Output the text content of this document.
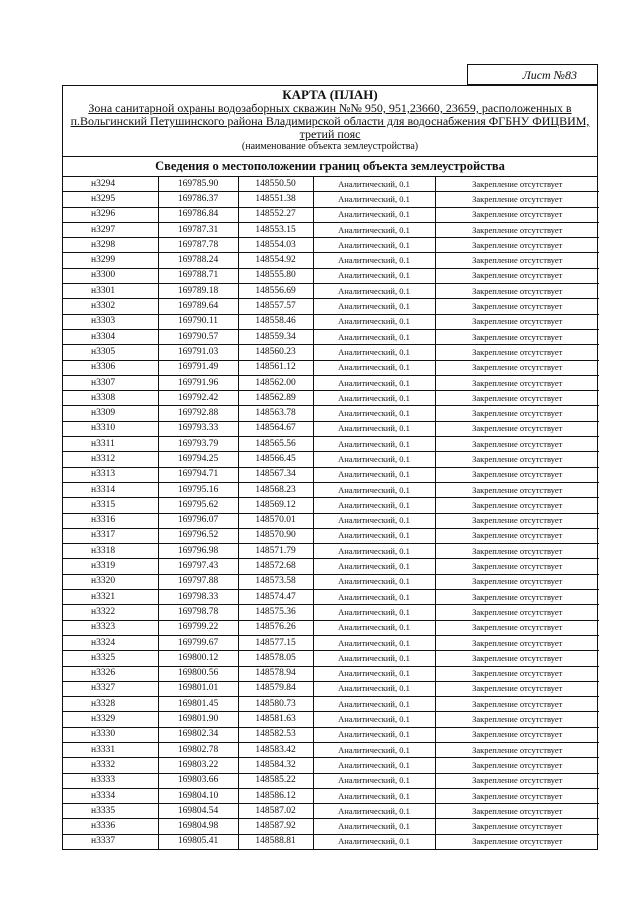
Лист №83
КАРТА (ПЛАН)
Зона санитарной охраны водозаборных скважин №№ 950, 951,23660, 23659, расположенных в
п.Вольгинский Петушинского района Владимирской области для водоснабжения ФГБНУ ФИЦВИМ,
третий пояс
(наименование объекта землеустройства)
Сведения о местоположении границ объекта землеустройства
н3294	169785.90	148550.50	Аналитический, 0.1	Закрепление отсутствует
н3295	169786.37	148551.38	Аналитический, 0.1	Закрепление отсутствует
н3296	169786.84	148552.27	Аналитический, 0.1	Закрепление отсутствует
н3297	169787.31	148553.15	Аналитический, 0.1	Закрепление отсутствует
н3298	169787.78	148554.03	Аналитический, 0.1	Закрепление отсутствует
н3299	169788.24	148554.92	Аналитический, 0.1	Закрепление отсутствует
н3300	169788.71	148555.80	Аналитический, 0.1	Закрепление отсутствует
н3301	169789.18	148556.69	Аналитический, 0.1	Закрепление отсутствует
н3302	169789.64	148557.57	Аналитический, 0.1	Закрепление отсутствует
н3303	169790.11	148558.46	Аналитический, 0.1	Закрепление отсутствует
н3304	169790.57	148559.34	Аналитический, 0.1	Закрепление отсутствует
н3305	169791.03	148560.23	Аналитический, 0.1	Закрепление отсутствует
н3306	169791.49	148561.12	Аналитический, 0.1	Закрепление отсутствует
н3307	169791.96	148562.00	Аналитический, 0.1	Закрепление отсутствует
н3308	169792.42	148562.89	Аналитический, 0.1	Закрепление отсутствует
н3309	169792.88	148563.78	Аналитический, 0.1	Закрепление отсутствует
н3310	169793.33	148564.67	Аналитический, 0.1	Закрепление отсутствует
н3311	169793.79	148565.56	Аналитический, 0.1	Закрепление отсутствует
н3312	169794.25	148566.45	Аналитический, 0.1	Закрепление отсутствует
н3313	169794.71	148567.34	Аналитический, 0.1	Закрепление отсутствует
н3314	169795.16	148568.23	Аналитический, 0.1	Закрепление отсутствует
н3315	169795.62	148569.12	Аналитический, 0.1	Закрепление отсутствует
н3316	169796.07	148570.01	Аналитический, 0.1	Закрепление отсутствует
н3317	169796.52	148570.90	Аналитический, 0.1	Закрепление отсутствует
н3318	169796.98	148571.79	Аналитический, 0.1	Закрепление отсутствует
н3319	169797.43	148572.68	Аналитический, 0.1	Закрепление отсутствует
н3320	169797.88	148573.58	Аналитический, 0.1	Закрепление отсутствует
н3321	169798.33	148574.47	Аналитический, 0.1	Закрепление отсутствует
н3322	169798.78	148575.36	Аналитический, 0.1	Закрепление отсутствует
н3323	169799.22	148576.26	Аналитический, 0.1	Закрепление отсутствует
н3324	169799.67	148577.15	Аналитический, 0.1	Закрепление отсутствует
н3325	169800.12	148578.05	Аналитический, 0.1	Закрепление отсутствует
н3326	169800.56	148578.94	Аналитический, 0.1	Закрепление отсутствует
н3327	169801.01	148579.84	Аналитический, 0.1	Закрепление отсутствует
н3328	169801.45	148580.73	Аналитический, 0.1	Закрепление отсутствует
н3329	169801.90	148581.63	Аналитический, 0.1	Закрепление отсутствует
н3330	169802.34	148582.53	Аналитический, 0.1	Закрепление отсутствует
н3331	169802.78	148583.42	Аналитический, 0.1	Закрепление отсутствует
н3332	169803.22	148584.32	Аналитический, 0.1	Закрепление отсутствует
н3333	169803.66	148585.22	Аналитический, 0.1	Закрепление отсутствует
н3334	169804.10	148586.12	Аналитический, 0.1	Закрепление отсутствует
н3335	169804.54	148587.02	Аналитический, 0.1	Закрепление отсутствует
н3336	169804.98	148587.92	Аналитический, 0.1	Закрепление отсутствует
н3337	169805.41	148588.81	Аналитический, 0.1	Закрепление отсутствует
